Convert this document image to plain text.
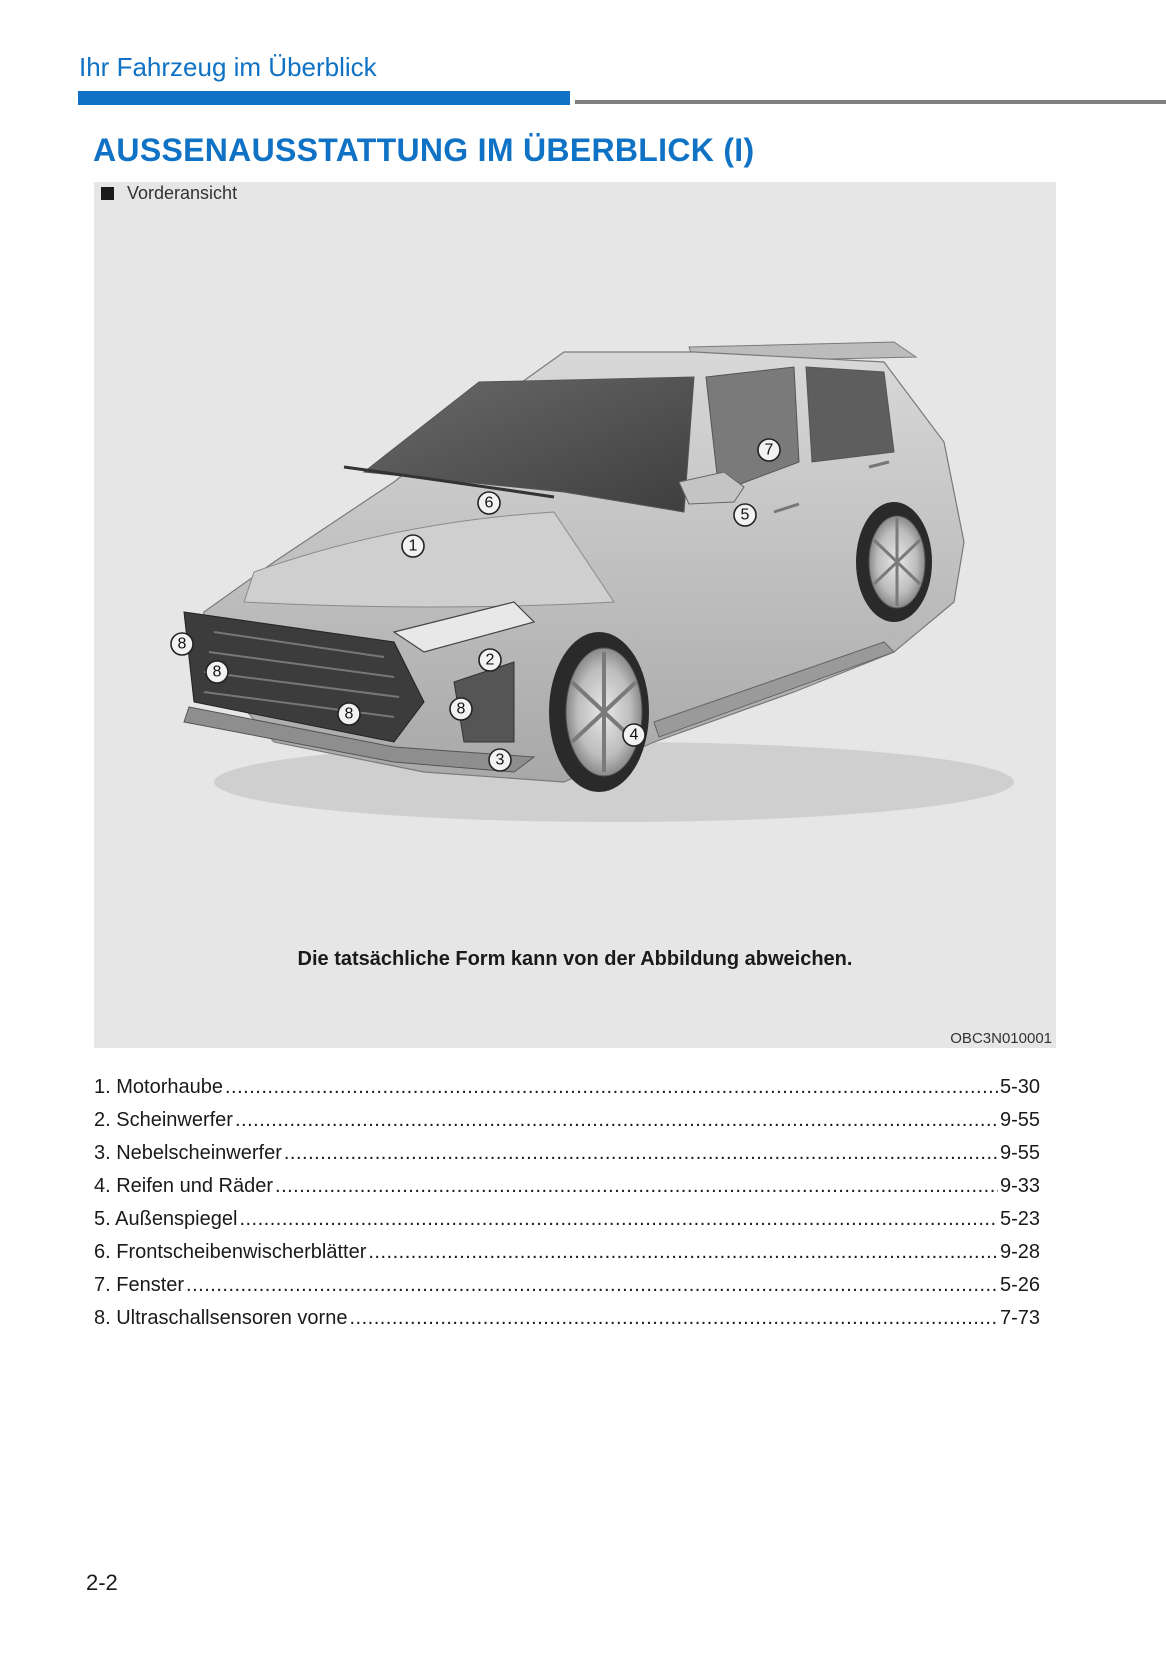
Ihr Fahrzeug im Überblick
AUSSENAUSSTATTUNG IM ÜBERBLICK (I)
Vorderansicht
1
2
3
4
5
6
7
8
8
8	8
Die tatsächliche Form kann von der Abbildung abweichen.
OBC3N010001
1. Motorhaube .....	5-30
2. Scheinwerfer .....	9-55
3. Nebelscheinwerfer .....	9-55
4. Reifen und Räder .....	9-33
5. Außenspiegel .....	5-23
6. Frontscheibenwischerblätter .....	9-28
7. Fenster .....	5-26
8. Ultraschallsensoren vorne .....	7-73
2-2
